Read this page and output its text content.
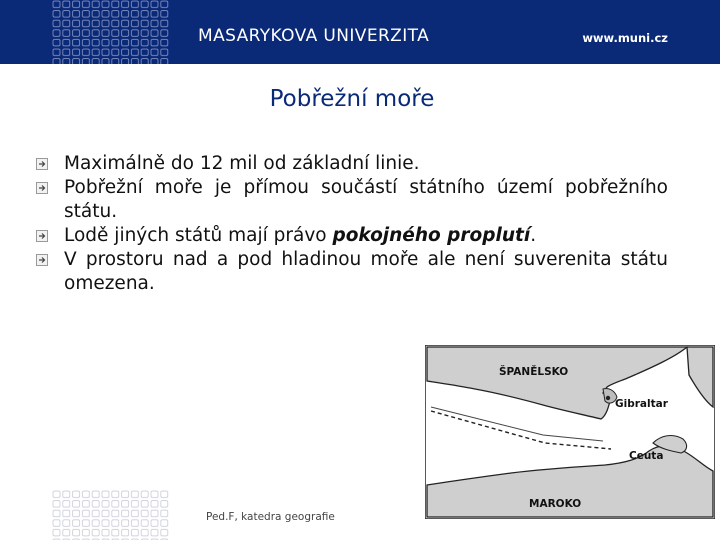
MASARYKOVA UNIVERZITA	www.muni.cz
Pobřežní moře
Maximálně do 12 mil od základní linie.
Pobřežní moře je přímou součástí státního území pobřežního státu.
Lodě jiných států mají právo pokojného proplutí.
V prostoru nad a pod hladinou moře ale není suverenita státu omezena.
ŠPANĚLSKO
Gibraltar
Ceuta
MAROKO
Ped.F, katedra geografie
